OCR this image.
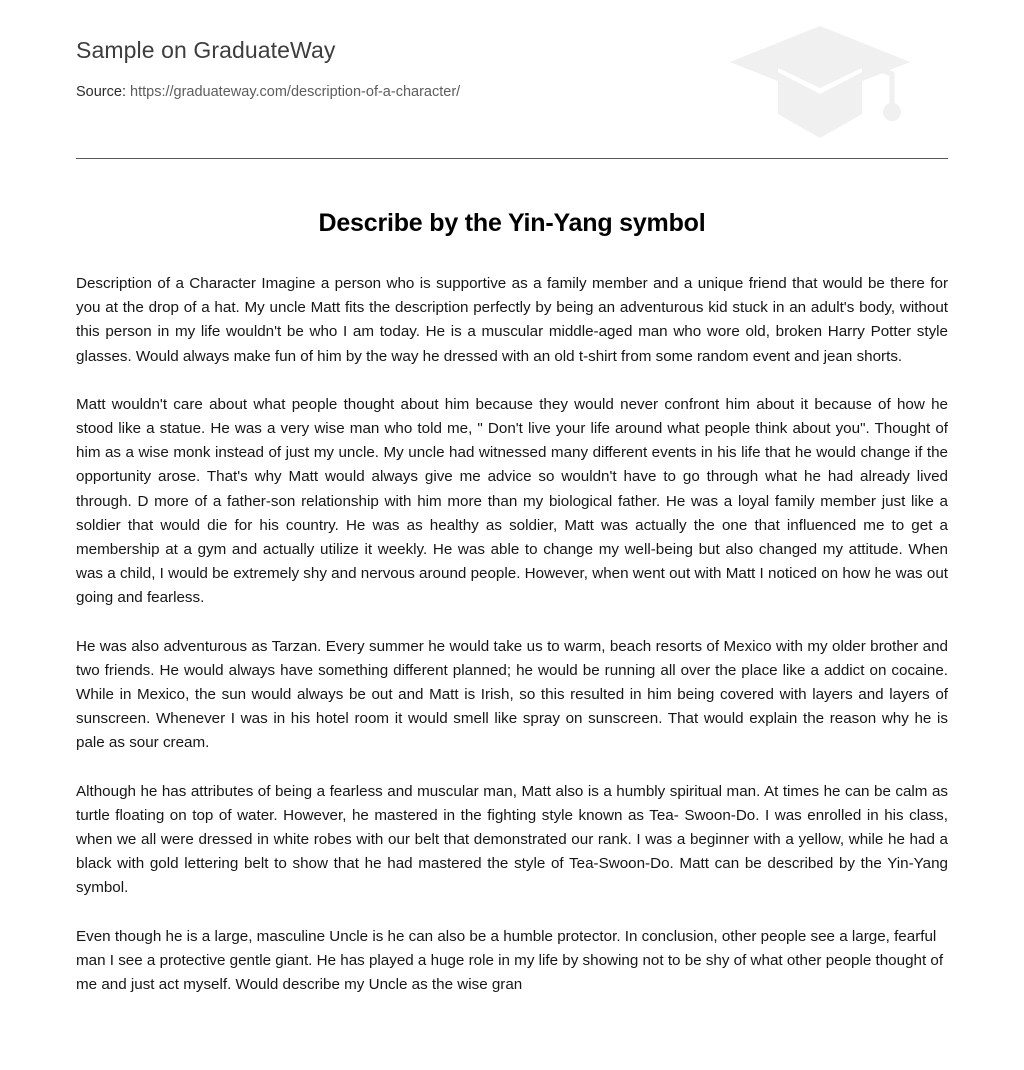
Sample on GraduateWay
Source: https://graduateway.com/description-of-a-character/
Describe by the Yin-Yang symbol

Description of a Character Imagine a person who is supportive as a family member and a unique friend that would be there for you at the drop of a hat. My uncle Matt fits the description perfectly by being an adventurous kid stuck in an adult's body, without this person in my life wouldn't be who I am today. He is a muscular middle-aged man who wore old, broken Harry Potter style glasses. Would always make fun of him by the way he dressed with an old t-shirt from some random event and jean shorts.

Matt wouldn't care about what people thought about him because they would never confront him about it because of how he stood like a statue. He was a very wise man who told me, " Don't live your life around what people think about you". Thought of him as a wise monk instead of just my uncle. My uncle had witnessed many different events in his life that he would change if the opportunity arose. That's why Matt would always give me advice so wouldn't have to go through what he had already lived through. D more of a father-son relationship with him more than my biological father. He was a loyal family member just like a soldier that would die for his country. He was as healthy as soldier, Matt was actually the one that influenced me to get a membership at a gym and actually utilize it weekly. He was able to change my well-being but also changed my attitude. When was a child, I would be extremely shy and nervous around people. However, when went out with Matt I noticed on how he was out going and fearless.

He was also adventurous as Tarzan. Every summer he would take us to warm, beach resorts of Mexico with my older brother and two friends. He would always have something different planned; he would be running all over the place like a addict on cocaine. While in Mexico, the sun would always be out and Matt is Irish, so this resulted in him being covered with layers and layers of sunscreen. Whenever I was in his hotel room it would smell like spray on sunscreen. That would explain the reason why he is pale as sour cream.

Although he has attributes of being a fearless and muscular man, Matt also is a humbly spiritual man. At times he can be calm as turtle floating on top of water. However, he mastered in the fighting style known as Tea- Swoon-Do. I was enrolled in his class, when we all were dressed in white robes with our belt that demonstrated our rank. I was a beginner with a yellow, while he had a black with gold lettering belt to show that he had mastered the style of Tea-Swoon-Do. Matt can be described by the Yin-Yang symbol.

Even though he is a large, masculine Uncle is he can also be a humble protector. In conclusion, other people see a large, fearful man I see a protective gentle giant. He has played a huge role in my life by showing not to be shy of what other people thought of me and just act myself. Would describe my Uncle as the wise gran
